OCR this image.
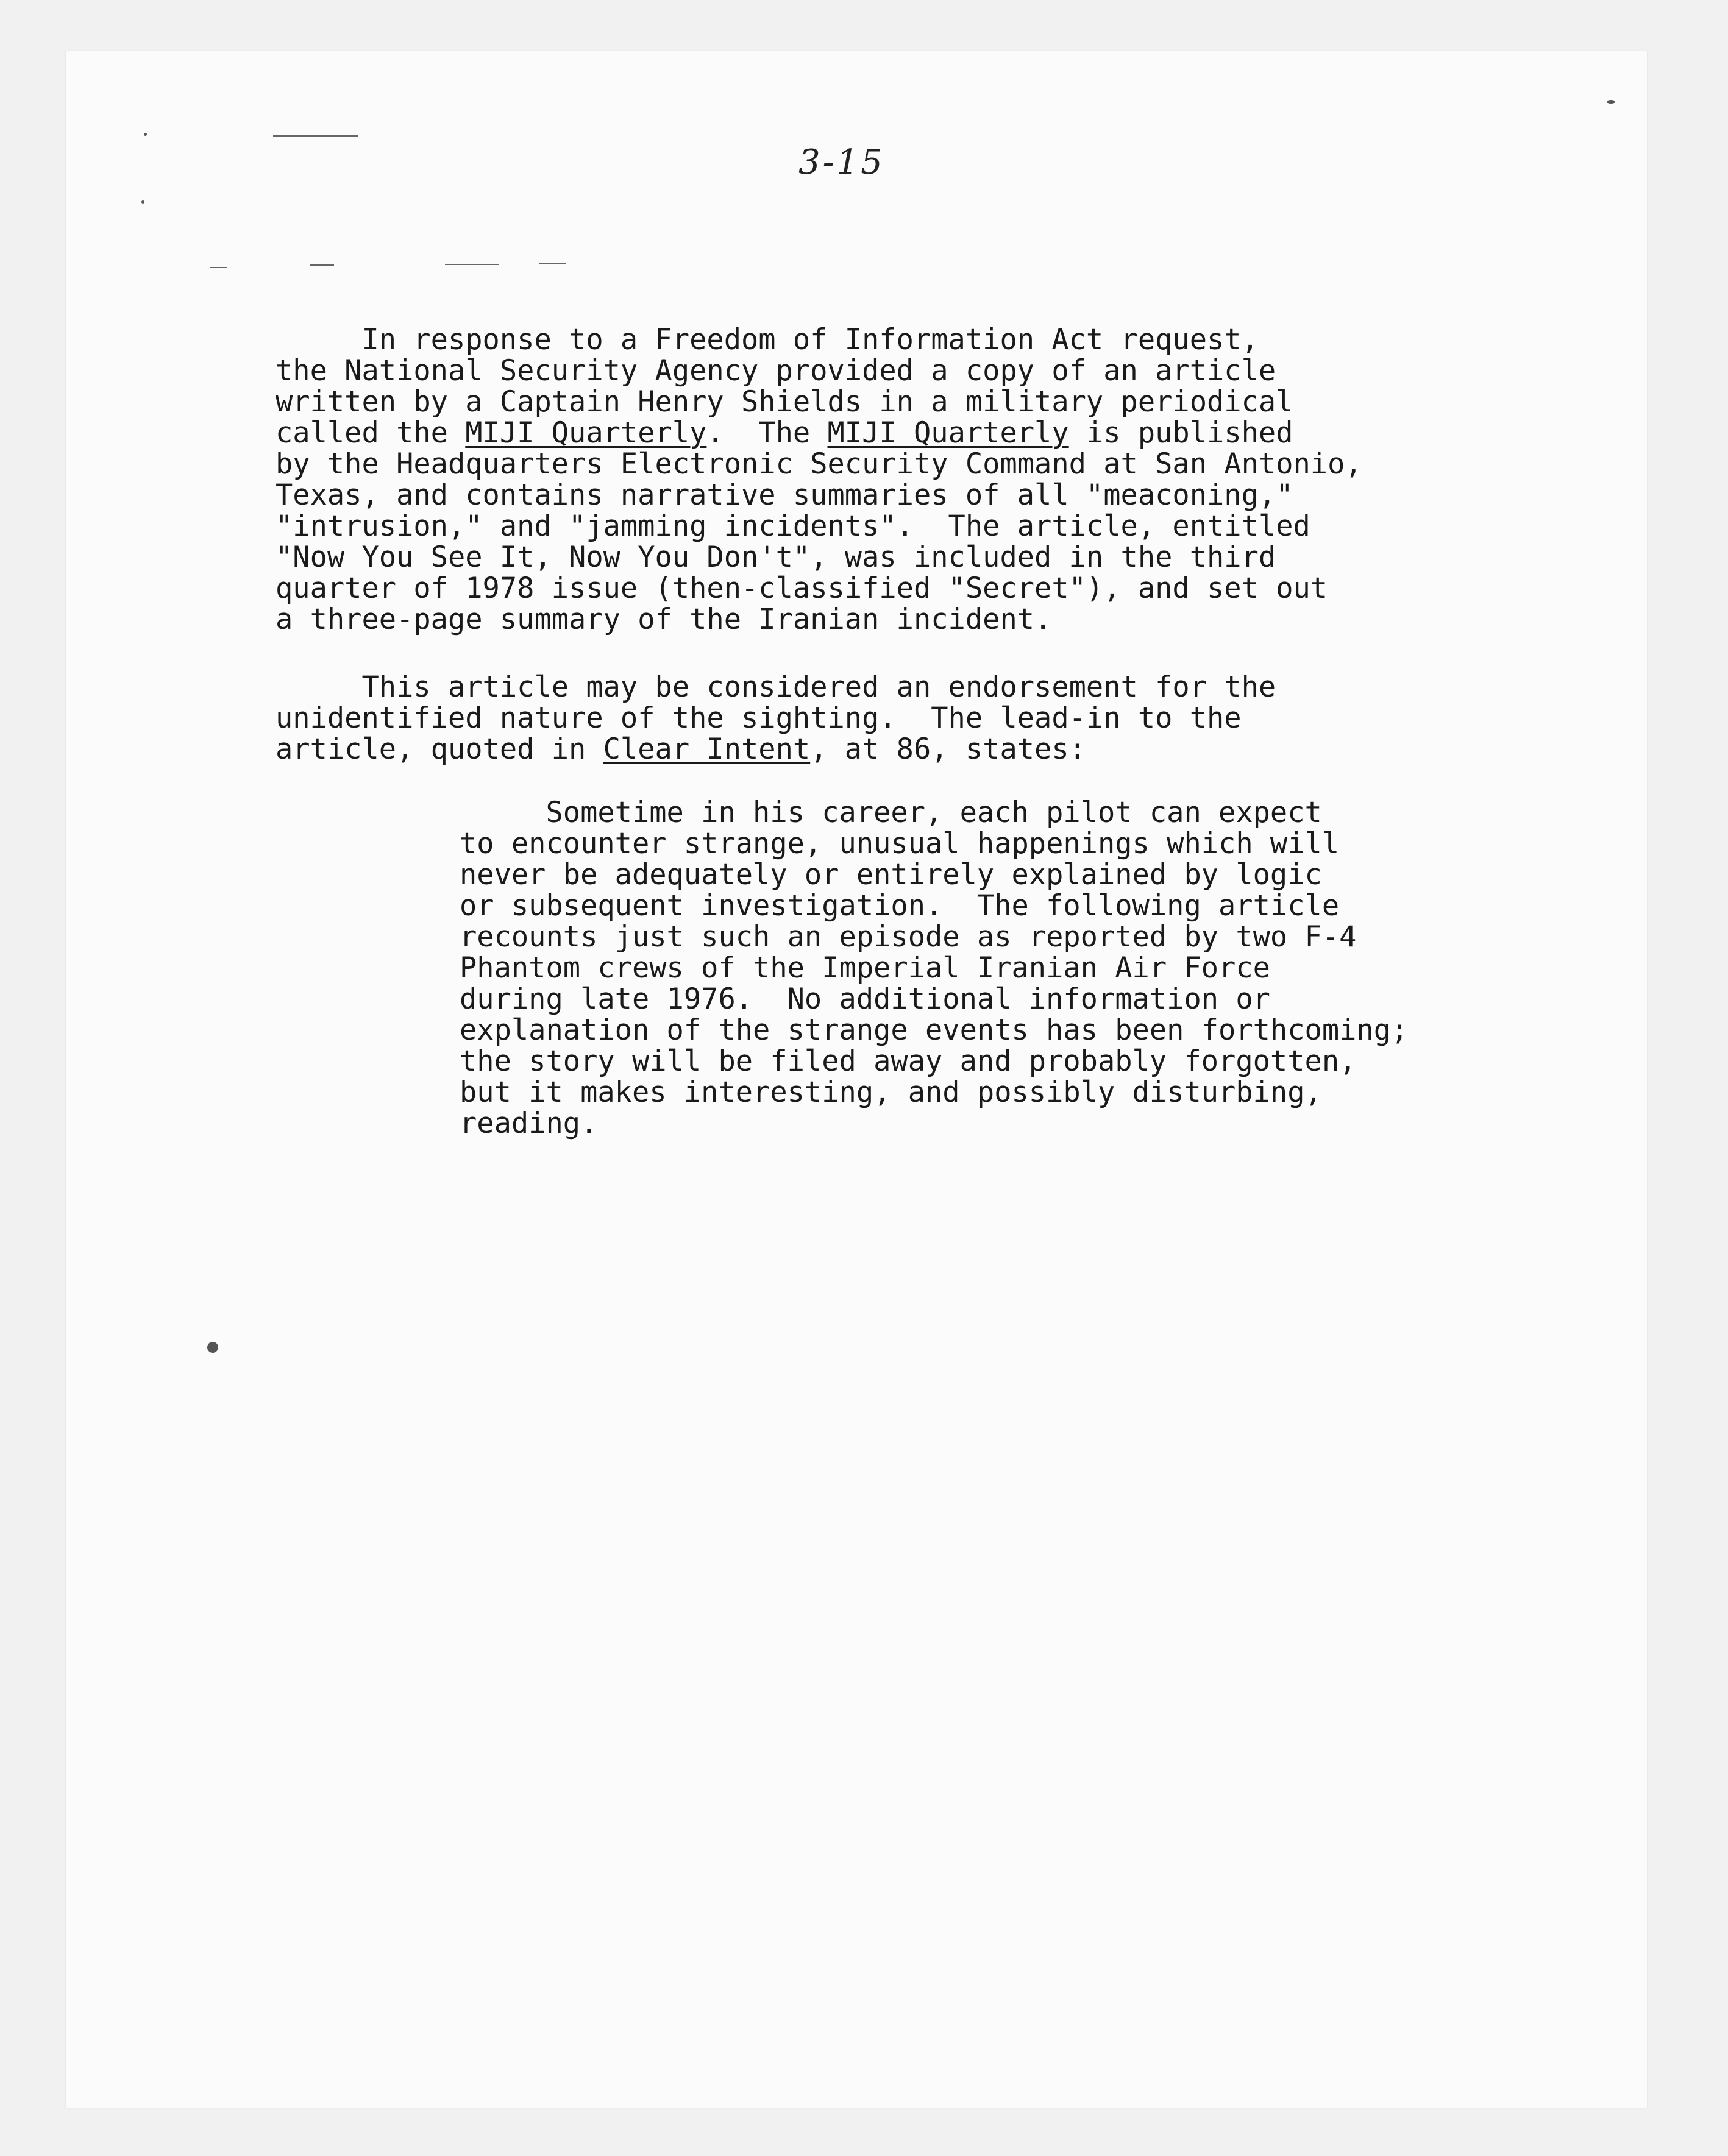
3-15
In response to a Freedom of Information Act request,
the National Security Agency provided a copy of an article
written by a Captain Henry Shields in a military periodical
called the MIJI Quarterly.  The MIJI Quarterly is published
by the Headquarters Electronic Security Command at San Antonio,
Texas, and contains narrative summaries of all "meaconing,"
"intrusion," and "jamming incidents".  The article, entitled
"Now You See It, Now You Don't", was included in the third
quarter of 1978 issue (then-classified "Secret"), and set out
a three-page summary of the Iranian incident.
This article may be considered an endorsement for the
unidentified nature of the sighting.  The lead-in to the
article, quoted in Clear Intent, at 86, states:
Sometime in his career, each pilot can expect
to encounter strange, unusual happenings which will
never be adequately or entirely explained by logic
or subsequent investigation.  The following article
recounts just such an episode as reported by two F-4
Phantom crews of the Imperial Iranian Air Force
during late 1976.  No additional information or
explanation of the strange events has been forthcoming;
the story will be filed away and probably forgotten,
but it makes interesting, and possibly disturbing,
reading.
